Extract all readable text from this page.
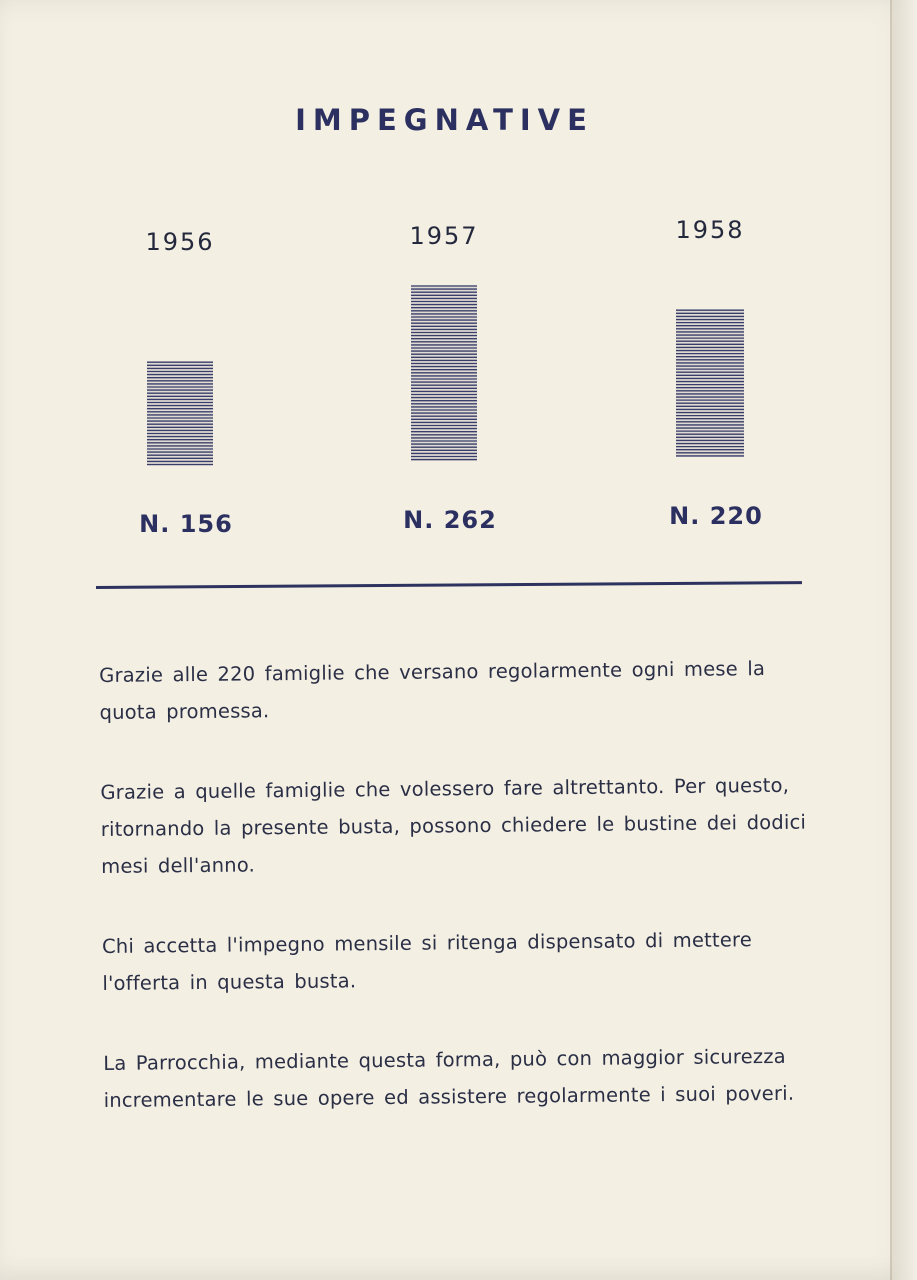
IMPEGNATIVE
1956
N. 156
1957
N. 262
1958
N. 220

Grazie alle 220 famiglie che versano regolarmente ogni mese la quota promessa.

Grazie a quelle famiglie che volessero fare altrettanto. Per questo, ritornando la presente busta, possono chiedere le bustine dei dodici mesi dell'anno.

Chi accetta l'impegno mensile si ritenga dispensato di mettere l'offerta in questa busta.

La Parrocchia, mediante questa forma, può con maggior sicurezza incrementare le sue opere ed assistere regolarmente i suoi poveri.
